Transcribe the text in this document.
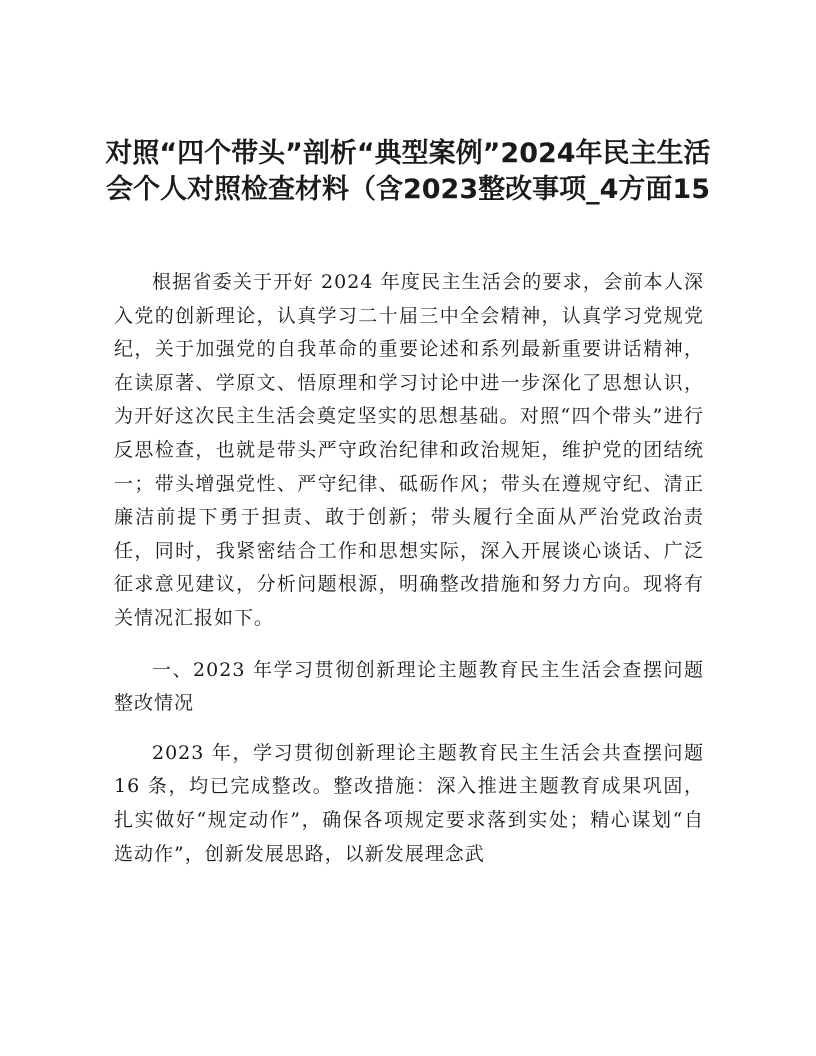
对照“四个带头”剖析“典型案例”2024年民主生活会个人对照检查材料（含2023整改事项_4方面15

根据省委关于开好 2024 年度民主生活会的要求，会前本人深入党的创新理论，认真学习二十届三中全会精神，认真学习党规党纪，关于加强党的自我革命的重要论述和系列最新重要讲话精神，在读原著、学原文、悟原理和学习讨论中进一步深化了思想认识，为开好这次民主生活会奠定坚实的思想基础。对照“四个带头”进行反思检查，也就是带头严守政治纪律和政治规矩，维护党的团结统一；带头增强党性、严守纪律、砥砺作风；带头在遵规守纪、清正廉洁前提下勇于担责、敢于创新；带头履行全面从严治党政治责任，同时，我紧密结合工作和思想实际，深入开展谈心谈话、广泛征求意见建议，分析问题根源，明确整改措施和努力方向。现将有关情况汇报如下。

一、2023 年学习贯彻创新理论主题教育民主生活会查摆问题整改情况

2023 年，学习贯彻创新理论主题教育民主生活会共查摆问题 16 条，均已完成整改。整改措施：深入推进主题教育成果巩固，扎实做好“规定动作”，确保各项规定要求落到实处；精心谋划“自选动作”，创新发展思路，以新发展理念武
